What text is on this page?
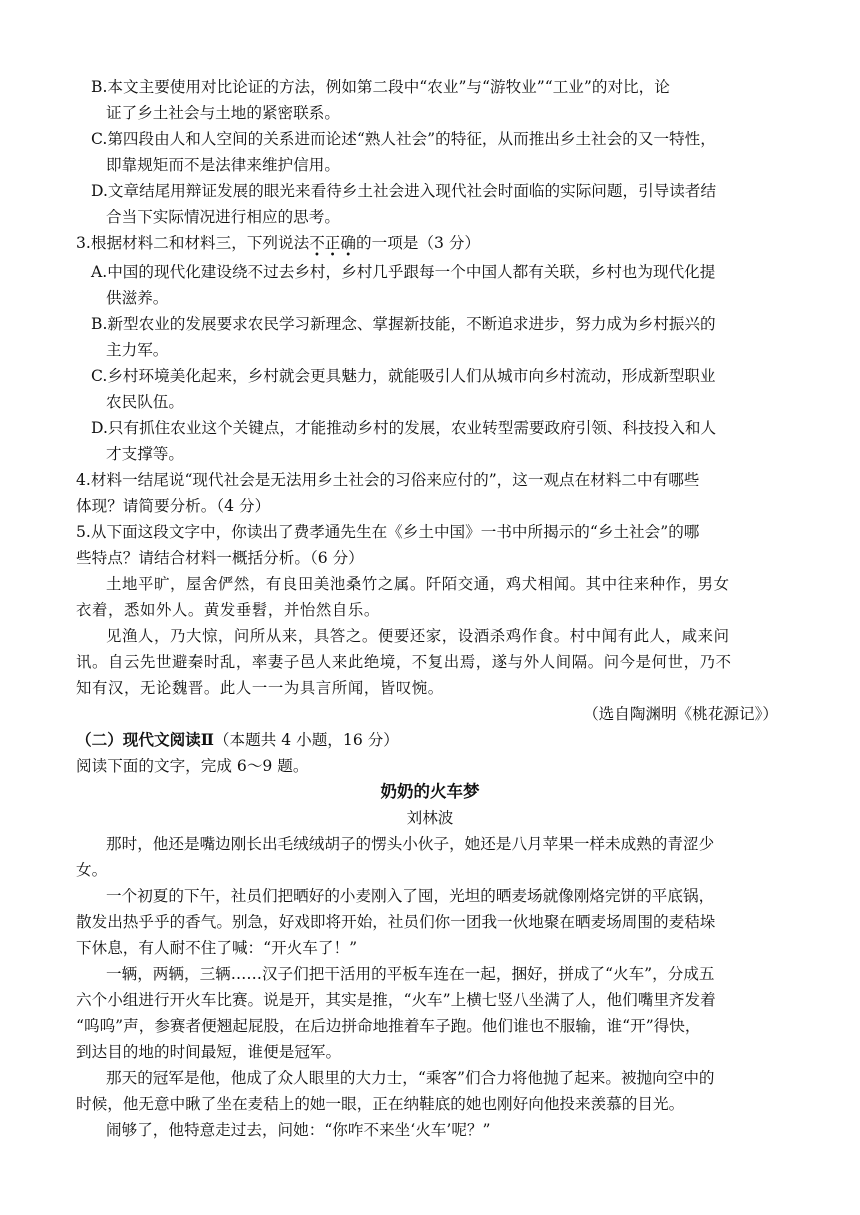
B.本文主要使用对比论证的方法，例如第二段中“农业”与“游牧业”“工业”的对比，论
证了乡土社会与土地的紧密联系。
C.第四段由人和人空间的关系进而论述“熟人社会”的特征，从而推出乡土社会的又一特性，
即靠规矩而不是法律来维护信用。
D.文章结尾用辩证发展的眼光来看待乡土社会进入现代社会时面临的实际问题，引导读者结
合当下实际情况进行相应的思考。
3.根据材料二和材料三，下列说法不正确
• • •
的一项是（3 分）
A.中国的现代化建设绕不过去乡村，乡村几乎跟每一个中国人都有关联，乡村也为现代化提
供滋养。
B.新型农业的发展要求农民学习新理念、掌握新技能，不断追求进步，努力成为乡村振兴的
主力军。
C.乡村环境美化起来，乡村就会更具魅力，就能吸引人们从城市向乡村流动，形成新型职业
农民队伍。
D.只有抓住农业这个关键点，才能推动乡村的发展，农业转型需要政府引领、科技投入和人
才支撑等。
4.材料一结尾说“现代社会是无法用乡土社会的习俗来应付的”，这一观点在材料二中有哪些
体现？请简要分析。（4 分）
5.从下面这段文字中，你读出了费孝通先生在《乡土中国》一书中所揭示的“乡土社会”的哪
些特点？请结合材料一概括分析。（6 分）
土地平旷，屋舍俨然，有良田美池桑竹之属。阡陌交通，鸡犬相闻。其中往来种作，男女
衣着，悉如外人。黄发垂髫，并怡然自乐。
见渔人，乃大惊，问所从来，具答之。便要还家，设酒杀鸡作食。村中闻有此人，咸来问
讯。自云先世避秦时乱，率妻子邑人来此绝境，不复出焉，遂与外人间隔。问今是何世，乃不
知有汉，无论魏晋。此人一一为具言所闻，皆叹惋。
（选自陶渊明《桃花源记》）
（二）现代文阅读Ⅱ（本题共 4 小题，16 分）
阅读下面的文字，完成 6～9 题。
奶奶的火车梦
刘林波
那时，他还是嘴边刚长出毛绒绒胡子的愣头小伙子，她还是八月苹果一样未成熟的青涩少
女。
一个初夏的下午，社员们把晒好的小麦刚入了囤，光坦的晒麦场就像刚烙完饼的平底锅，
散发出热乎乎的香气。别急，好戏即将开始，社员们你一团我一伙地聚在晒麦场周围的麦秸垛
下休息，有人耐不住了喊：“开火车了！”
一辆，两辆，三辆……汉子们把干活用的平板车连在一起，捆好，拼成了“火车”，分成五
六个小组进行开火车比赛。说是开，其实是推，“火车”上横七竖八坐满了人，他们嘴里齐发着
“呜呜”声，参赛者便翘起屁股，在后边拼命地推着车子跑。他们谁也不服输，谁“开”得快，
到达目的地的时间最短，谁便是冠军。
那天的冠军是他，他成了众人眼里的大力士，“乘客”们合力将他抛了起来。被抛向空中的
时候，他无意中瞅了坐在麦秸上的她一眼，正在纳鞋底的她也刚好向他投来羡慕的目光。
闹够了，他特意走过去，问她：“你咋不来坐‘火车’呢？”
